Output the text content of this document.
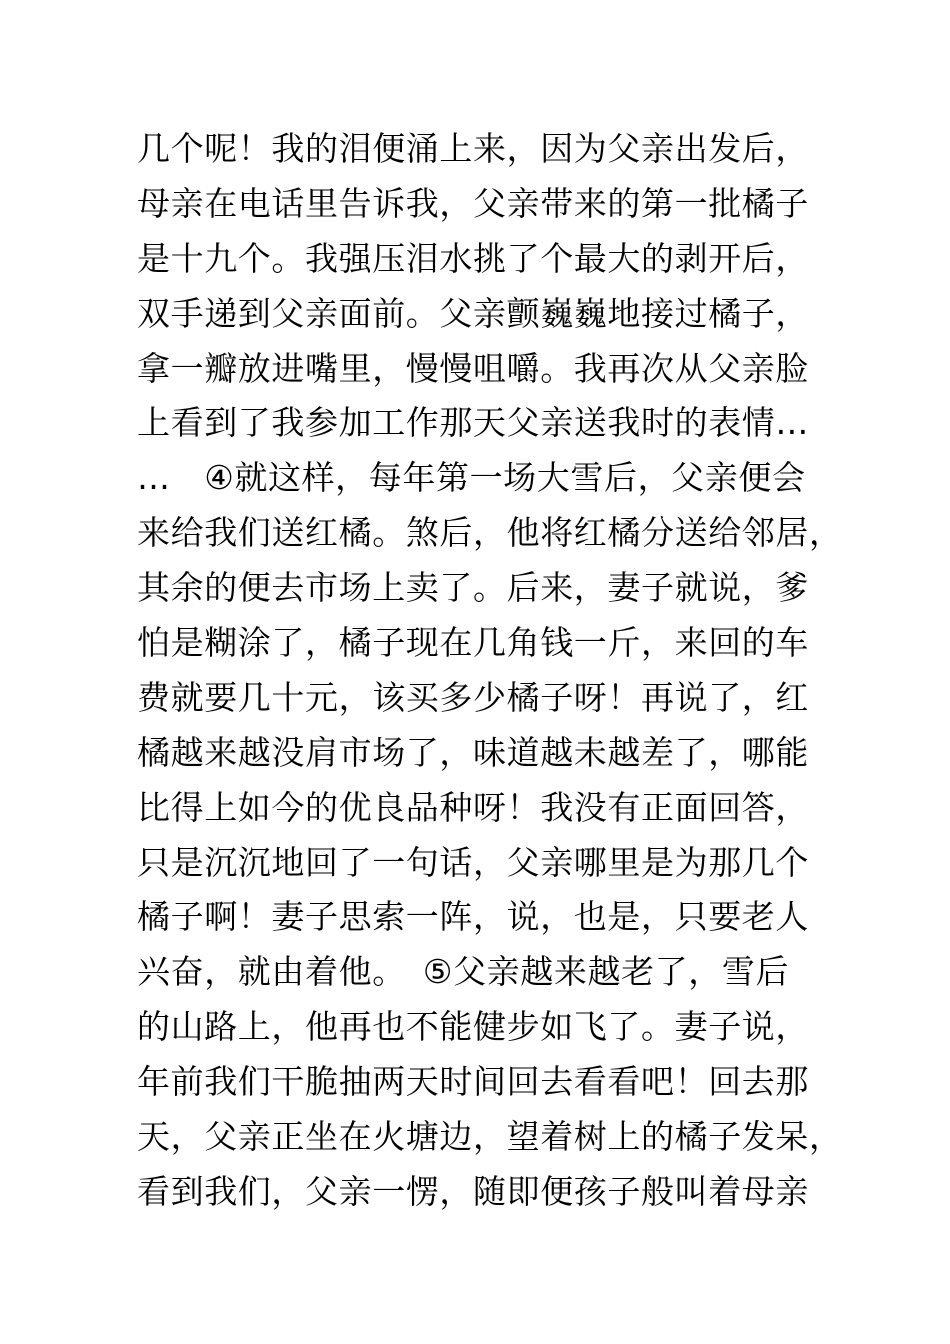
几个呢！我的泪便涌上来，因为父亲出发后，
母亲在电话里告诉我，父亲带来的第一批橘子
是十九个。我强压泪水挑了个最大的剥开后，
双手递到父亲面前。父亲颤巍巍地接过橘子，
拿一瓣放进嘴里，慢慢咀嚼。我再次从父亲脸
上看到了我参加工作那天父亲送我时的表情…
…　④就这样，每年第一场大雪后，父亲便会
来给我们送红橘。煞后，他将红橘分送给邻居，
其余的便去市场上卖了。后来，妻子就说，爹
怕是糊涂了，橘子现在几角钱一斤，来回的车
费就要几十元，该买多少橘子呀！再说了，红
橘越来越没肩市场了，味道越未越差了，哪能
比得上如今的优良品种呀！我没有正面回答，
只是沉沉地回了一句话，父亲哪里是为那几个
橘子啊！妻子思索一阵，说，也是，只要老人
兴奋，就由着他。　⑤父亲越来越老了，雪后
的山路上，他再也不能健步如飞了。妻子说，
年前我们干脆抽两天时间回去看看吧！回去那
天，父亲正坐在火塘边，望着树上的橘子发呆，
看到我们，父亲一愣，随即便孩子般叫着母亲
